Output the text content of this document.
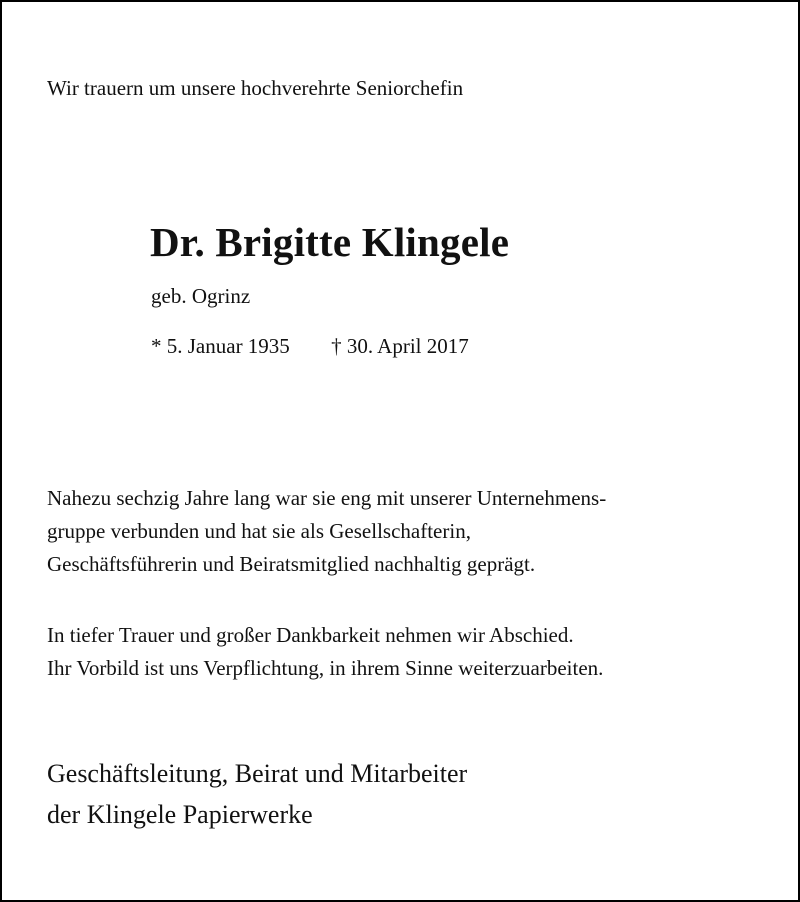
Wir trauern um unsere hochverehrte Seniorchefin
Dr. Brigitte Klingele
geb. Ogrinz
* 5. Januar 1935 † 30. April 2017
Nahezu sechzig Jahre lang war sie eng mit unserer Unternehmens-
gruppe verbunden und hat sie als Gesellschafterin,
Geschäftsführerin und Beiratsmitglied nachhaltig geprägt.
In tiefer Trauer und großer Dankbarkeit nehmen wir Abschied.
Ihr Vorbild ist uns Verpflichtung, in ihrem Sinne weiterzuarbeiten.
Geschäftsleitung, Beirat und Mitarbeiter
der Klingele Papierwerke
